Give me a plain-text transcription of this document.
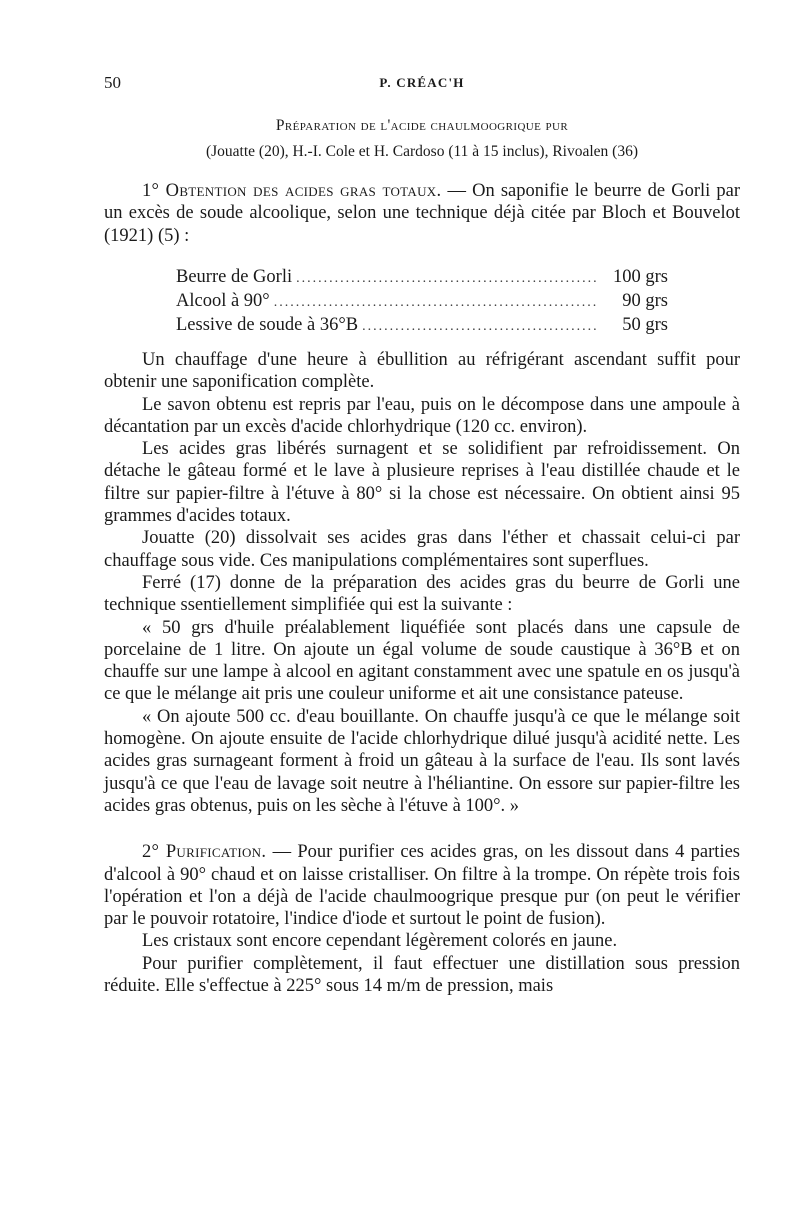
50	P. CRÉAC'H
Préparation de l'acide chaulmoogrique pur
(Jouatte (20), H.-I. Cole et H. Cardoso (11 à 15 inclus), Rivoalen (36)

1° Obtention des acides gras totaux. — On saponifie le beurre de Gorli par un excès de soude alcoolique, selon une technique déjà citée par Bloch et Bouvelot (1921) (5) :

Beurre de Gorli .....	100 grs
Alcool à 90° .....	90 grs
Lessive de soude à 36°B .....	50 grs

Un chauffage d'une heure à ébullition au réfrigérant ascendant suffit pour obtenir une saponification complète.

Le savon obtenu est repris par l'eau, puis on le décompose dans une ampoule à décantation par un excès d'acide chlorhydrique (120 cc. environ).

Les acides gras libérés surnagent et se solidifient par refroidissement. On détache le gâteau formé et le lave à plusieure reprises à l'eau distillée chaude et le filtre sur papier-filtre à l'étuve à 80° si la chose est nécessaire. On obtient ainsi 95 grammes d'acides totaux.

Jouatte (20) dissolvait ses acides gras dans l'éther et chassait celui-ci par chauffage sous vide. Ces manipulations complémentaires sont superflues.

Ferré (17) donne de la préparation des acides gras du beurre de Gorli une technique ssentiellement simplifiée qui est la suivante :

« 50 grs d'huile préalablement liquéfiée sont placés dans une capsule de porcelaine de 1 litre. On ajoute un égal volume de soude caustique à 36°B et on chauffe sur une lampe à alcool en agitant constamment avec une spatule en os jusqu'à ce que le mélange ait pris une couleur uniforme et ait une consistance pateuse.

« On ajoute 500 cc. d'eau bouillante. On chauffe jusqu'à ce que le mélange soit homogène. On ajoute ensuite de l'acide chlorhydrique dilué jusqu'à acidité nette. Les acides gras surnageant forment à froid un gâteau à la surface de l'eau. Ils sont lavés jusqu'à ce que l'eau de lavage soit neutre à l'héliantine. On essore sur papier-filtre les acides gras obtenus, puis on les sèche à l'étuve à 100°. »

2° Purification. — Pour purifier ces acides gras, on les dissout dans 4 parties d'alcool à 90° chaud et on laisse cristalliser. On filtre à la trompe. On répète trois fois l'opération et l'on a déjà de l'acide chaulmoogrique presque pur (on peut le vérifier par le pouvoir rotatoire, l'indice d'iode et surtout le point de fusion).

Les cristaux sont encore cependant légèrement colorés en jaune.

Pour purifier complètement, il faut effectuer une distillation sous pression réduite. Elle s'effectue à 225° sous 14 m/m de pression, mais
